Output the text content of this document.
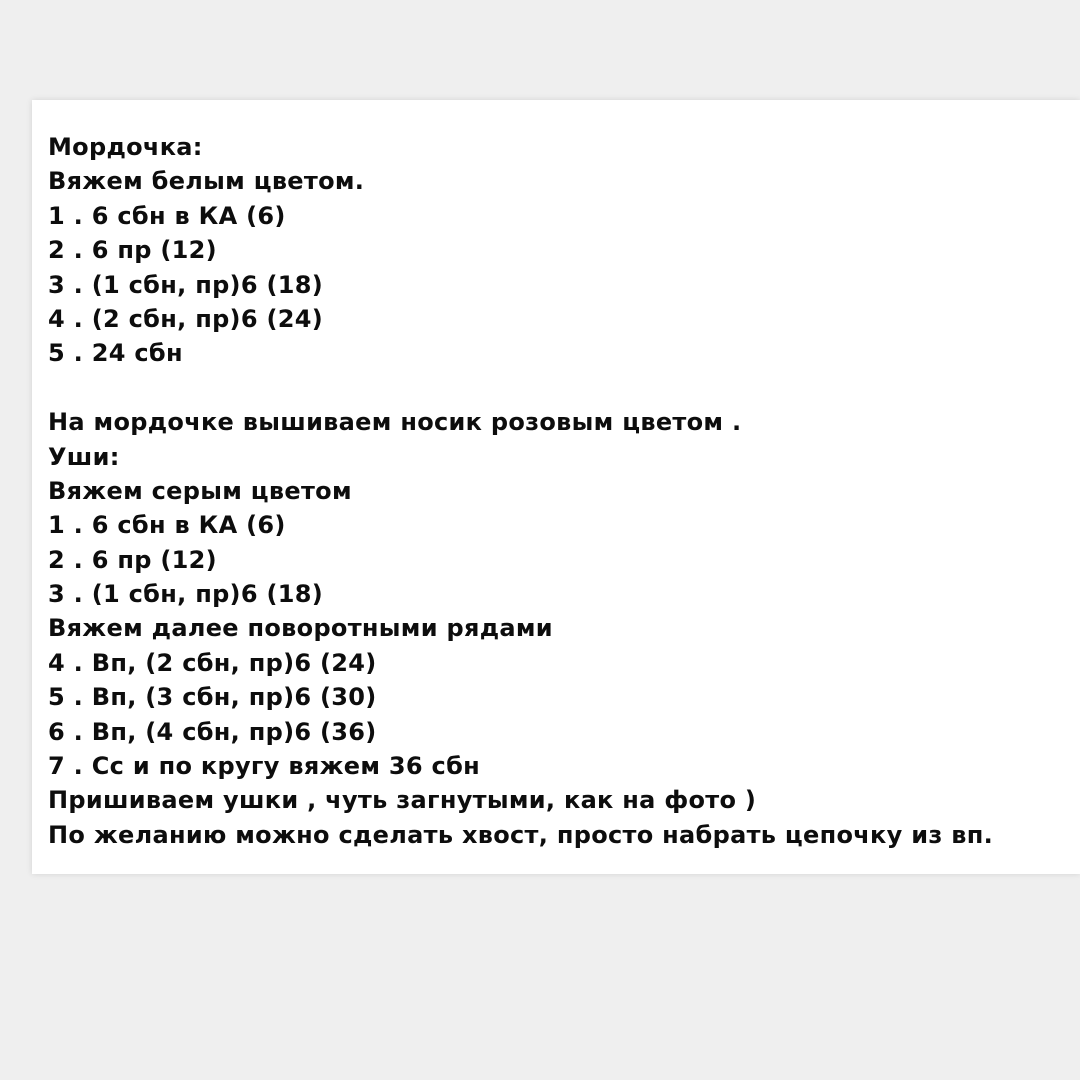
Мордочка:
Вяжем белым цветом.
1 . 6 сбн в КА (6)
2 . 6 пр (12)
3 . (1 сбн, пр)6 (18)
4 . (2 сбн, пр)6 (24)
5 . 24 сбн
На мордочке вышиваем носик розовым цветом .
Уши:
Вяжем серым цветом
1 . 6 сбн в КА (6)
2 . 6 пр (12)
3 . (1 сбн, пр)6 (18)
Вяжем далее поворотными рядами
4 . Вп, (2 сбн, пр)6 (24)
5 . Вп, (3 сбн, пр)6 (30)
6 . Вп, (4 сбн, пр)6 (36)
7 . Сс и по кругу вяжем 36 сбн
Пришиваем ушки , чуть загнутыми, как на фото )
По желанию можно сделать хвост, просто набрать цепочку из вп.
